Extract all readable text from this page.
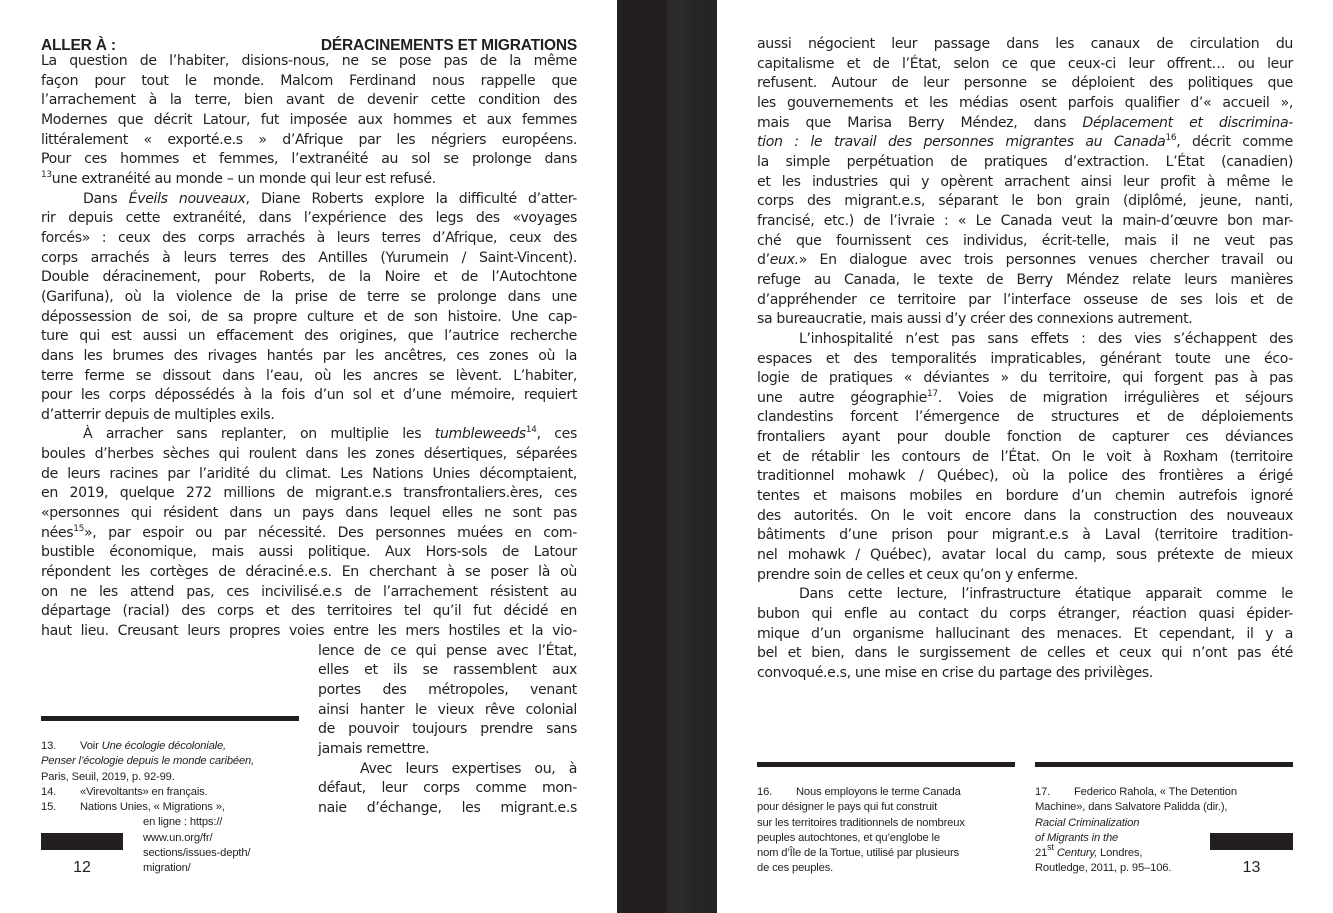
ALLER À :	DÉRACINEMENTS ET MIGRATIONS
La question de l’habiter, disions-nous, ne se pose pas de la même
façon pour tout le monde. Malcom Ferdinand nous rappelle que
l’arrachement à la terre, bien avant de devenir cette condition des
Modernes que décrit Latour, fut imposée aux hommes et aux femmes
littéralement « exporté.e.s » d’Afrique par les négriers européens.
Pour ces hommes et femmes, l’extranéité au sol se prolonge dans
$^{13}$une extranéité au monde – un monde qui leur est refusé.
Dans Éveils nouveaux, Diane Roberts explore la difficulté d’atter-
rir depuis cette extranéité, dans l’expérience des legs des «voyages
forcés» : ceux des corps arrachés à leurs terres d’Afrique, ceux des
corps arrachés à leurs terres des Antilles (Yurumein / Saint-Vincent).
Double déracinement, pour Roberts, de la Noire et de l’Autochtone
(Garifuna), où la violence de la prise de terre se prolonge dans une
dépossession de soi, de sa propre culture et de son histoire. Une cap-
ture qui est aussi un effacement des origines, que l’autrice recherche
dans les brumes des rivages hantés par les ancêtres, ces zones où la
terre ferme se dissout dans l’eau, où les ancres se lèvent. L’habiter,
pour les corps dépossédés à la fois d’un sol et d’une mémoire, requiert
d’atterrir depuis de multiples exils.
À arracher sans replanter, on multiplie les tumbleweeds$^{14}$, ces
boules d’herbes sèches qui roulent dans les zones désertiques, séparées
de leurs racines par l’aridité du climat. Les Nations Unies décomptaient,
en 2019, quelque 272 millions de migrant.e.s transfrontaliers.ères, ces
«personnes qui résident dans un pays dans lequel elles ne sont pas
nées$^{15}$», par espoir ou par nécessité. Des personnes muées en com-
bustible économique, mais aussi politique. Aux Hors-sols de Latour
répondent les cortèges de déraciné.e.s. En cherchant à se poser là où
on ne les attend pas, ces incivilisé.e.s de l’arrachement résistent au
départage (racial) des corps et des territoires tel qu’il fut décidé en
haut lieu. Creusant leurs propres voies entre les mers hostiles et la vio-
lence de ce qui pense avec l’État,
elles et ils se rassemblent aux
portes des métropoles, venant
ainsi hanter le vieux rêve colonial
de pouvoir toujours prendre sans
jamais remettre.
Avec leurs expertises ou, à
défaut, leur corps comme mon-
naie d’échange, les migrant.e.s
13. Voir Une écologie décoloniale,
Penser l’écologie depuis le monde caribéen,
Paris, Seuil, 2019, p. 92-99.
14. «Virevoltants» en français.
15. Nations Unies, « Migrations »,
en ligne : https://
www.un.org/fr/
sections/issues-depth/
migration/
12
aussi négocient leur passage dans les canaux de circulation du
capitalisme et de l’État, selon ce que ceux-ci leur offrent… ou leur
refusent. Autour de leur personne se déploient des politiques que
les gouvernements et les médias osent parfois qualifier d’« accueil »,
mais que Marisa Berry Méndez, dans Déplacement et discrimina-
tion : le travail des personnes migrantes au Canada$^{16}$, décrit comme
la simple perpétuation de pratiques d’extraction. L’État (canadien)
et les industries qui y opèrent arrachent ainsi leur profit à même le
corps des migrant.e.s, séparant le bon grain (diplômé, jeune, nanti,
francisé, etc.) de l’ivraie : « Le Canada veut la main-d’œuvre bon mar-
ché que fournissent ces individus, écrit-telle, mais il ne veut pas
d’eux.» En dialogue avec trois personnes venues chercher travail ou
refuge au Canada, le texte de Berry Méndez relate leurs manières
d’appréhender ce territoire par l’interface osseuse de ses lois et de
sa bureaucratie, mais aussi d’y créer des connexions autrement.
L’inhospitalité n’est pas sans effets : des vies s’échappent des
espaces et des temporalités impraticables, générant toute une éco-
logie de pratiques « déviantes » du territoire, qui forgent pas à pas
une autre géographie$^{17}$. Voies de migration irrégulières et séjours
clandestins forcent l’émergence de structures et de déploiements
frontaliers ayant pour double fonction de capturer ces déviances
et de rétablir les contours de l’État. On le voit à Roxham (territoire
traditionnel mohawk / Québec), où la police des frontières a érigé
tentes et maisons mobiles en bordure d’un chemin autrefois ignoré
des autorités. On le voit encore dans la construction des nouveaux
bâtiments d’une prison pour migrant.e.s à Laval (territoire tradition-
nel mohawk / Québec), avatar local du camp, sous prétexte de mieux
prendre soin de celles et ceux qu’on y enferme.
Dans cette lecture, l’infrastructure étatique apparait comme le
bubon qui enfle au contact du corps étranger, réaction quasi épider-
mique d’un organisme hallucinant des menaces. Et cependant, il y a
bel et bien, dans le surgissement de celles et ceux qui n’ont pas été
convoqué.e.s, une mise en crise du partage des privilèges.
16. Nous employons le terme Canada
pour désigner le pays qui fut construit
sur les territoires traditionnels de nombreux
peuples autochtones, et qu’englobe le
nom d’Île de la Tortue, utilisé par plusieurs
de ces peuples.
17. Federico Rahola, « The Detention
Machine», dans Salvatore Palidda (dir.),
Racial Criminalization
of Migrants in the
21st Century, Londres,
Routledge, 2011, p. 95–106.	13
